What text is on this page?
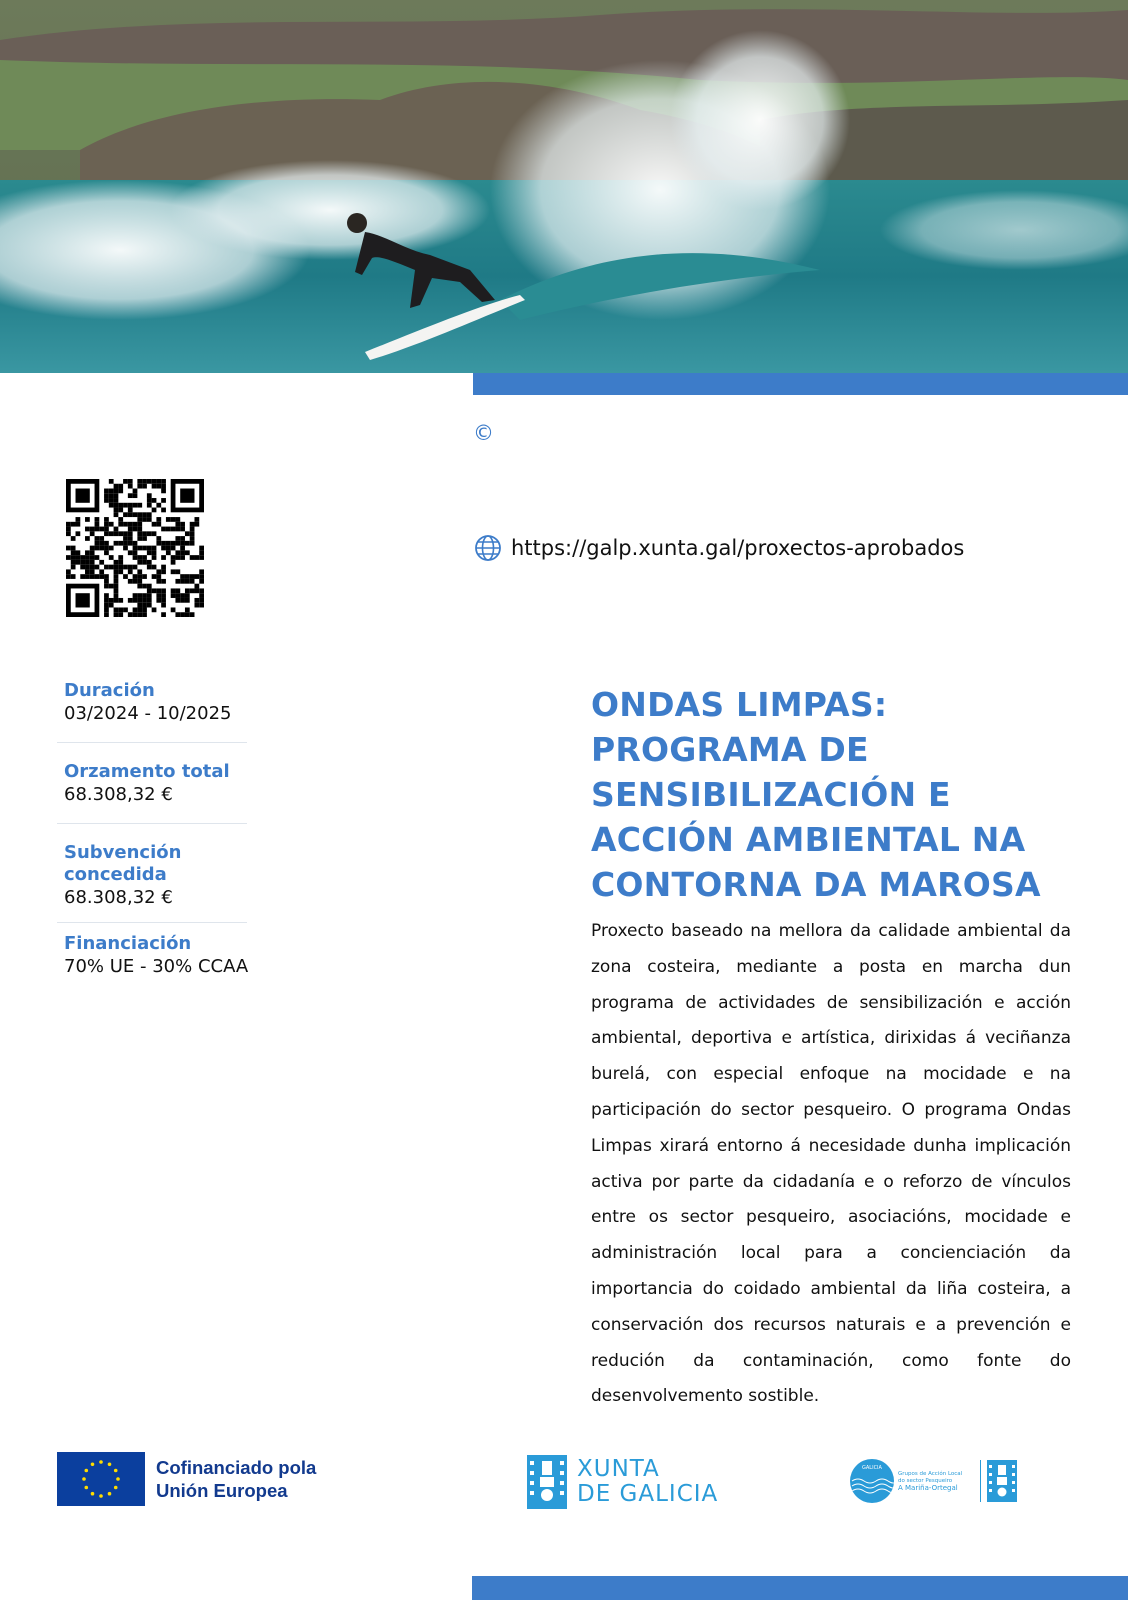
©
https://galp.xunta.gal/proxectos-aprobados
Duración
03/2024 - 10/2025
Orzamento total
68.308,32 €
Subvención concedida
68.308,32 €
Financiación
70% UE - 30% CCAA
ONDAS LIMPAS:
PROGRAMA DE
SENSIBILIZACIÓN E
ACCIÓN AMBIENTAL NA
CONTORNA DA MAROSA

Proxecto baseado na mellora da calidade ambiental da zona costeira, mediante a posta en marcha dun programa de actividades de sensibilización e acción ambiental, deportiva e artística, dirixidas á veciñanza burelá, con especial enfoque na mocidade e na participación do sector pesqueiro. O programa Ondas Limpas xirará entorno á necesidade dunha implicación activa por parte da cidadanía e o reforzo de vínculos entre os sector pesqueiro, asociacións, mocidade e administración local para a concienciación da importancia do coidado ambiental da liña costeira, a conservación dos recursos naturais e a prevención e redución da contaminación, como fonte do desenvolvemento sostible.

Cofinanciado pola
Unión Europea
XUNTA
DE GALICIA
GALICIA
Grupos de Acción Local
do sector Pesqueiro
A Mariña-Ortegal
